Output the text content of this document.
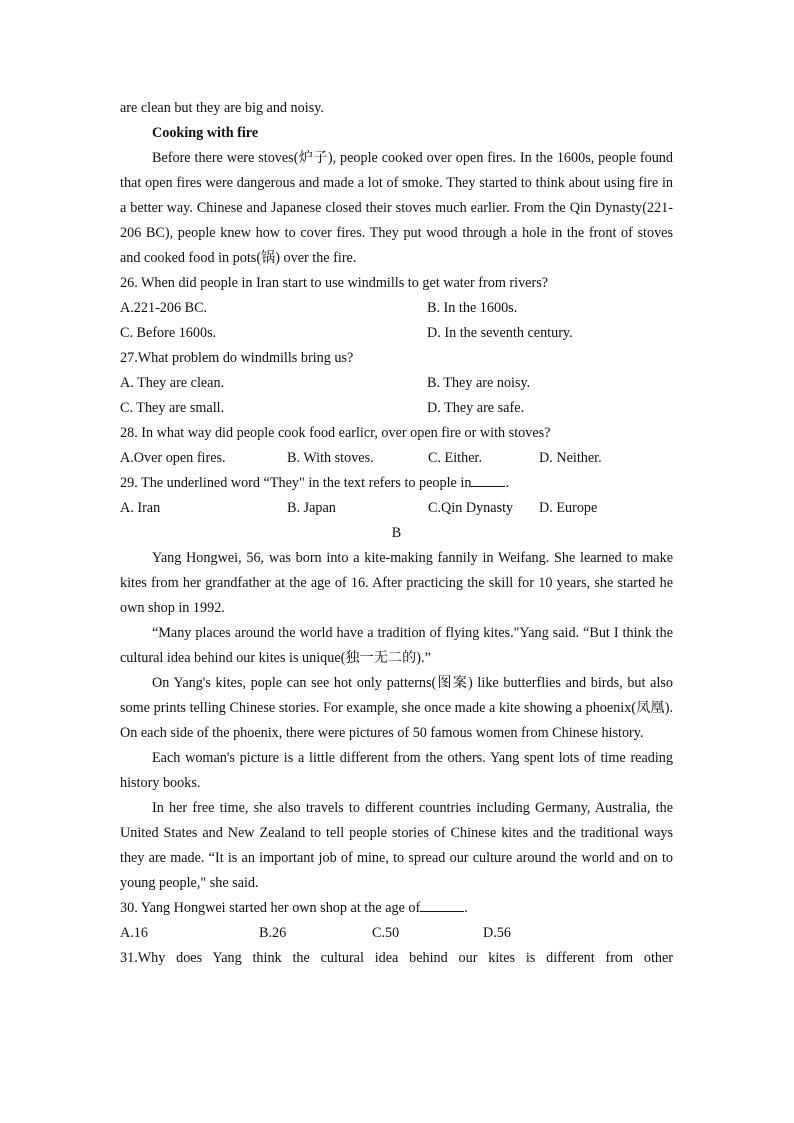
are clean but they are big and noisy.
Cooking with fire
Before there were stoves(炉子), people cooked over open fires. In the 1600s, people found that open fires were dangerous and made a lot of smoke. They started to think about using fire in a better way. Chinese and Japanese closed their stoves much earlier. From the Qin Dynasty(221-206 BC), people knew how to cover fires. They put wood through a hole in the front of stoves and cooked food in pots(锅) over the fire.
26. When did people in Iran start to use windmills to get water from rivers?
A.221-206 BC.	B. In the 1600s.
C. Before 1600s.	D. In the seventh century.
27.What problem do windmills bring us?
A. They are clean.	B. They are noisy.
C. They are small.	D. They are safe.
28. In what way did people cook food earlicr, over open fire or with stoves?
A.Over open fires.	B. With stoves.	C. Either.	D. Neither.
29. The underlined word “They" in the text refers to people in .
A. Iran	B. Japan	C.Qin Dynasty D. Europe
B
Yang Hongwei, 56, was born into a kite-making fannily in Weifang. She learned to make kites from her grandfather at the age of 16. After practicing the skill for 10 years, she started he own shop in 1992.
“Many places around the world have a tradition of flying kites."Yang said. “But I think the cultural idea behind our kites is unique(独一无二的).”
On Yang's kites, pople can see hot only patterns(图案) like butterflies and birds, but also some prints telling Chinese stories. For example, she once made a kite showing a phoenix(凤凰). On each side of the phoenix, there were pictures of 50 famous women from Chinese history.
Each woman's picture is a little different from the others. Yang spent lots of time reading history books.
In her free time, she also travels to different countries including Germany, Australia, the United States and New Zealand to tell people stories of Chinese kites and the traditional ways they are made. “It is an important job of mine, to spread our culture around the world and on to young people," she said.
30. Yang Hongwei started her own shop at the age of	.
A.16	B.26	C.50	D.56
31.Why does Yang think the cultural idea behind our kites is different from other
